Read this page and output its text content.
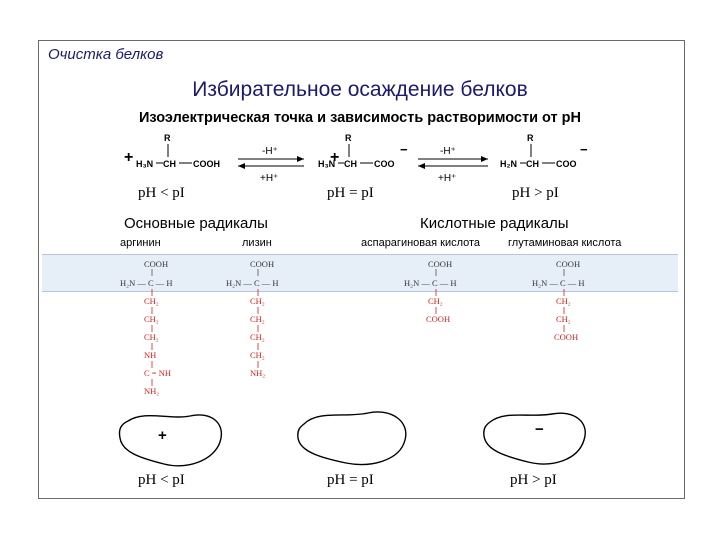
Очистка белков
Избирательное осаждение белков
Изоэлектрическая точка и зависимость растворимости от pH
+
R
H₃N CH COOH
-H⁺
+H⁺
+	−
R
H₃N CH COO
-H⁺
+H⁺
−
R
H₂N CH COO
pH < pI	pH = pI	pH > pI
Основные радикалы	Кислотные радикалы
аргинин	лизин	аспарагиновая кислота	глутаминовая кислота
COOH
H₂N — C — H
CH₂
CH₂
CH₂
NH
C = NH
NH₂
COOH
H₂N — C — H
CH₂
CH₂
CH₂
CH₂
NH₂
COOH
H₂N — C — H
CH₂
COOH
COOH
H₂N — C — H
CH₂
CH₂
COOH
+	−
pH < pI	pH = pI	pH > pI
